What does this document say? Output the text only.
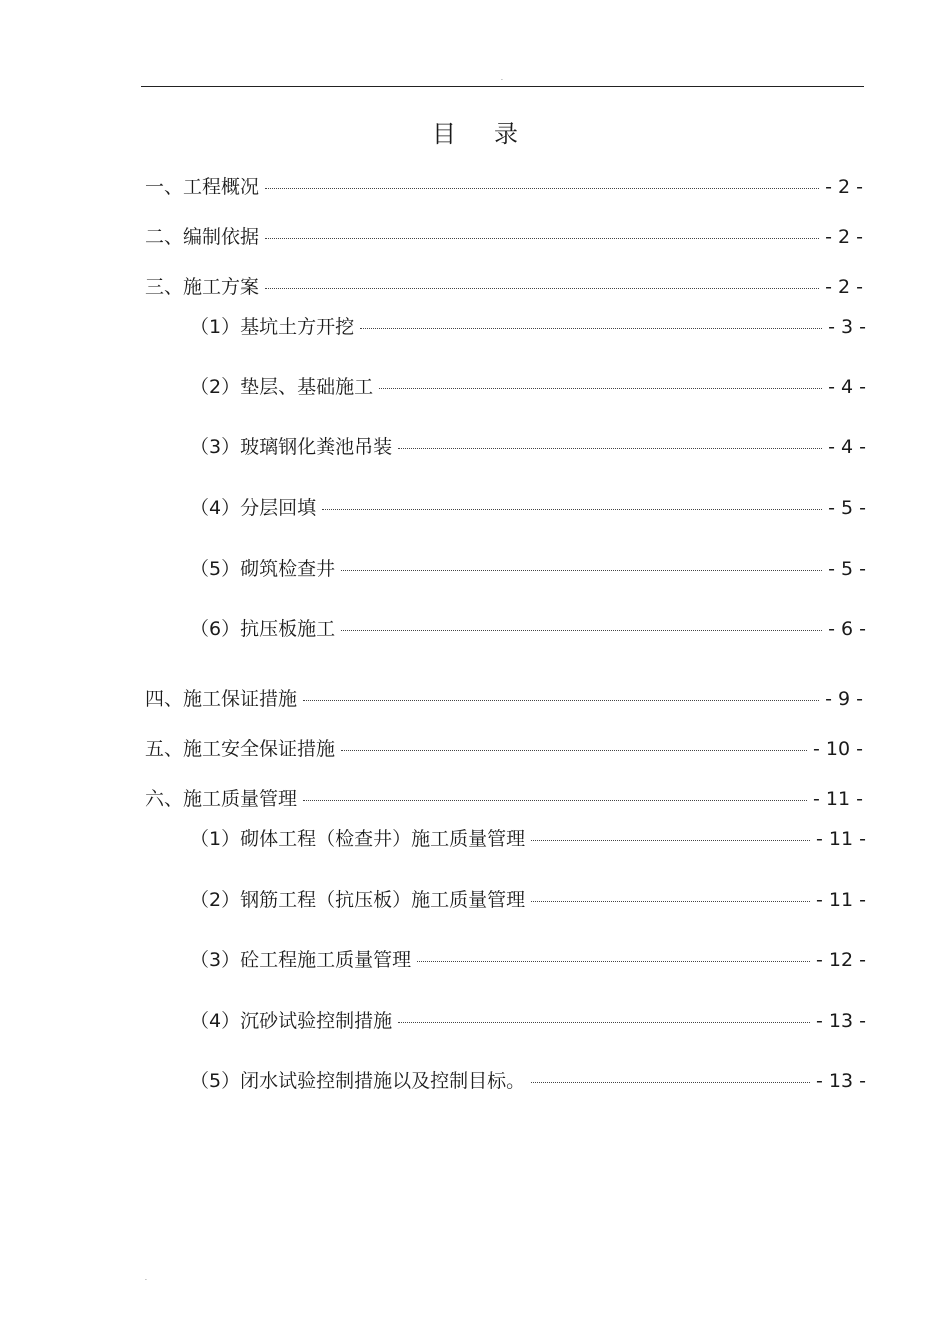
.
目 录
一、工程概况	- 2 -
二、编制依据	- 2 -
三、施工方案	- 2 -
（1）基坑土方开挖	- 3 -
（2）垫层、基础施工	- 4 -
（3）玻璃钢化粪池吊装	- 4 -
（4）分层回填	- 5 -
（5）砌筑检查井	- 5 -
（6）抗压板施工	- 6 -
四、施工保证措施	- 9 -
五、施工安全保证措施	- 10 -
六、施工质量管理	- 11 -
（1）砌体工程（检查井）施工质量管理	- 11 -
（2）钢筋工程（抗压板）施工质量管理	- 11 -
（3）砼工程施工质量管理	- 12 -
（4）沉砂试验控制措施	- 13 -
（5）闭水试验控制措施以及控制目标。	- 13 -
.
